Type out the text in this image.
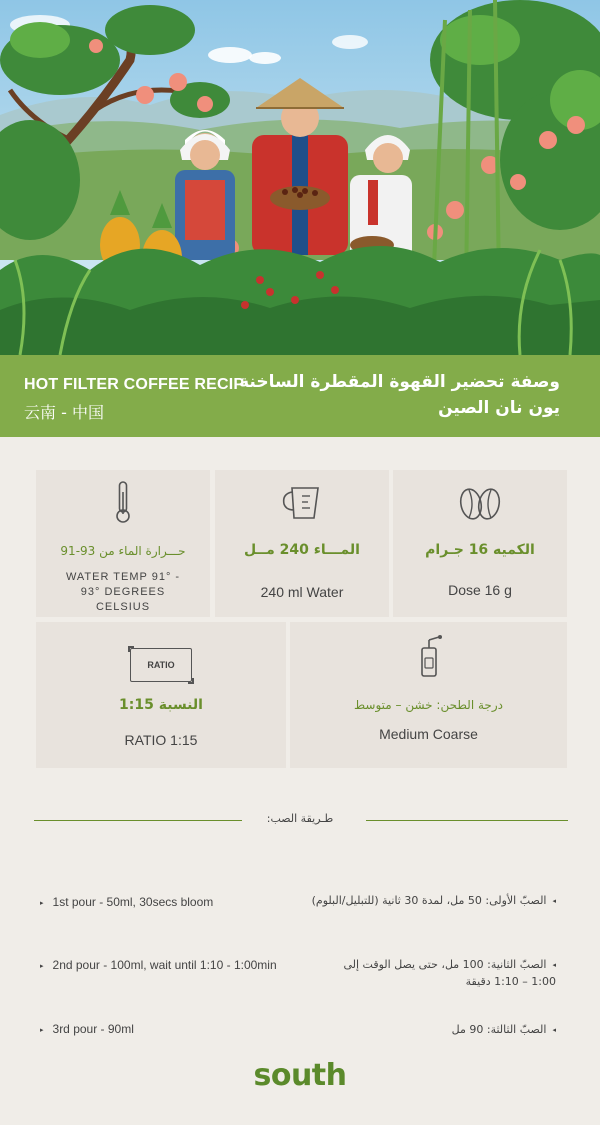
HOT FILTER COFFEE RECIP
云南 - 中国
وصفة تحضير القهوة المقطرة الساخنة
يون نان الصين
حـــرارة الماء من 93-91
WATER TEMP 91° - 93° DEGREES CELSIUS
المـــاء 240 مــل
240 ml Water
الكميه 16 جـرام
Dose 16 g
RATIO
النسبة 1:15
RATIO 1:15
درجة الطحن: خشن – متوسط
Medium Coarse
طـريقة الصب:
▸ 1st pour - 50ml, 30secs bloom	◂ الصبّ الأولى: 50 مل، لمدة 30 ثانية (للتبليل/البلوم)
▸ 2nd pour - 100ml, wait until 1:10 - 1:00min	◂ الصبّ الثانية: 100 مل، حتى يصل الوقت إلى 1:00 – 1:10 دقيقة
▸ 3rd pour - 90ml	◂ الصبّ الثالثة: 90 مل
south
